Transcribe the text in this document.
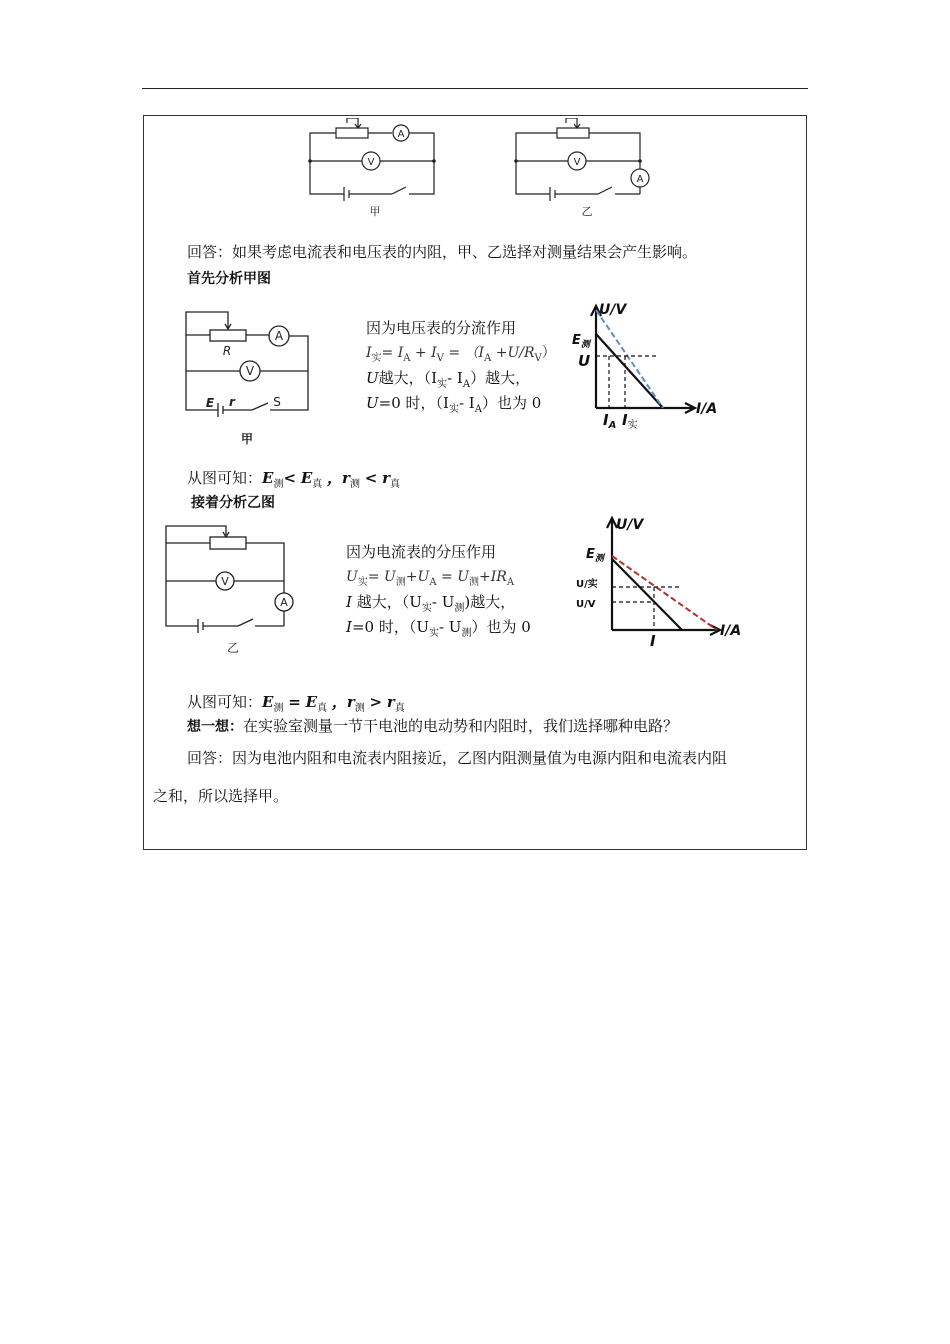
A
V
甲
V
A
乙
回答：如果考虑电流表和电压表的内阻，甲、乙选择对测量结果会产生影响。
首先分析甲图
R
A
V
E r	S
甲
因为电压表的分流作用
$I_实= I_A + I_V = (I_A +U/R_V)$
U越大，（$I_实-$ $I_A$）越大，
U=0 时，（$I_实-$ $I_A$）也为 0
U/V
I/A
$E_测$
U
$I_A$ $I_实$
从图可知：$E_测< E_真$ ，$r_测 < r_真$
接着分析乙图
V
A
乙
因为电流表的分压作用
$U_实= U_测+U_A = U_测+IR_A$
I 越大，（$U_实-$ $U_测$)越大，
I=0 时，（$U_实-$ $U_测$）也为 0
U/V
I/A
$E_测$
U/实
U/V
I
从图可知：$E_测 = E_真$ ，$r_测 > r_真$
想一想：在实验室测量一节干电池的电动势和内阻时，我们选择哪种电路？
回答：因为电池内阻和电流表内阻接近，乙图内阻测量值为电源内阻和电流表内阻
之和，所以选择甲。
